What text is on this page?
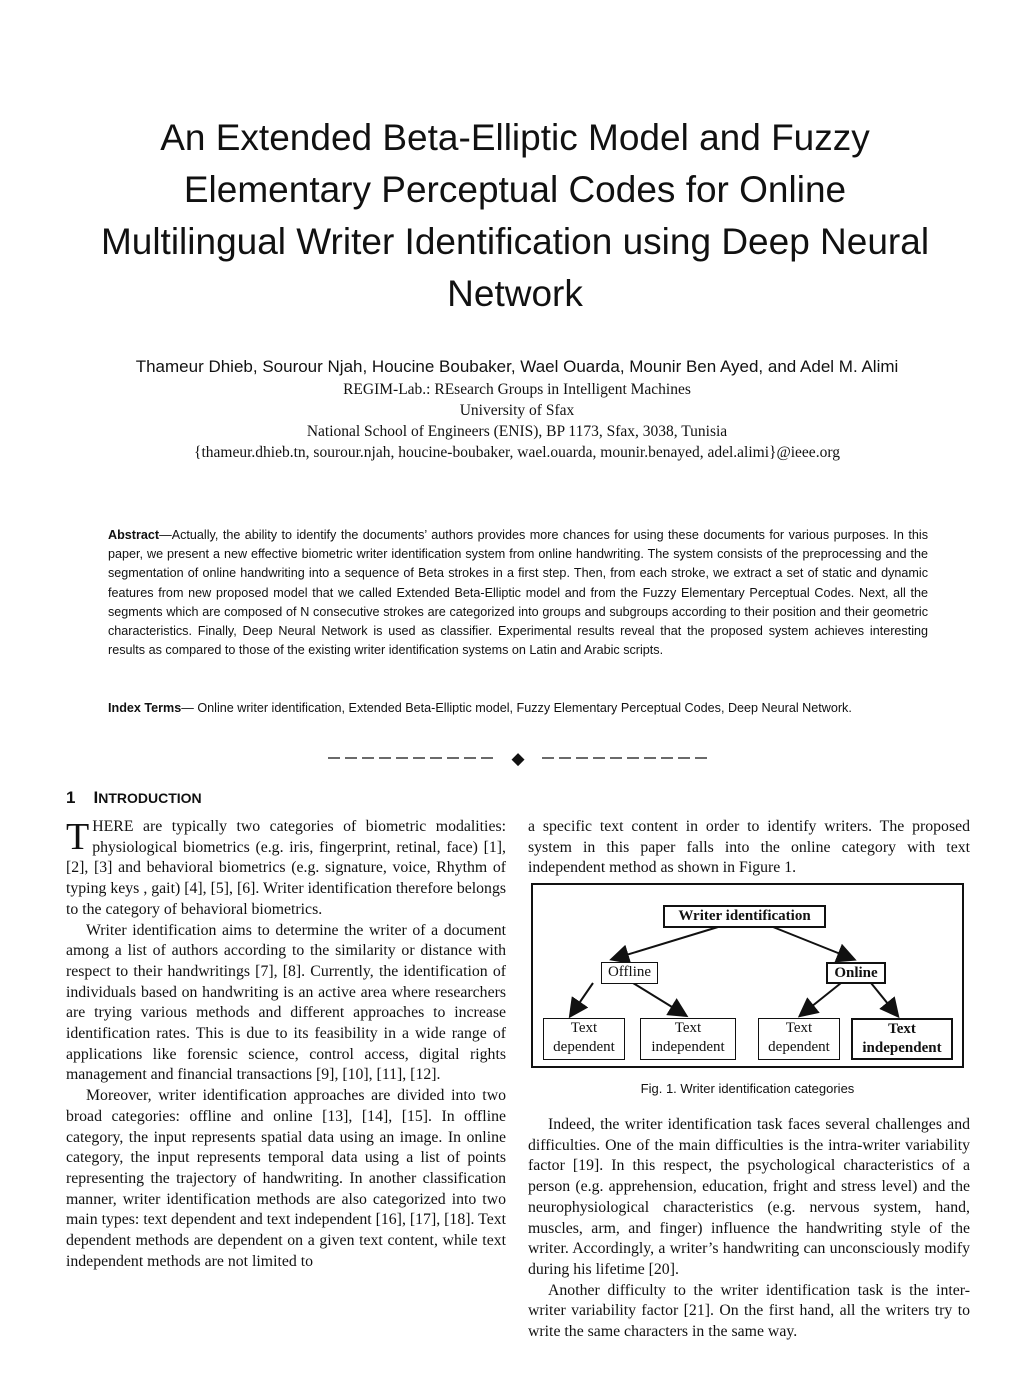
An Extended Beta-Elliptic Model and Fuzzy Elementary Perceptual Codes for Online Multilingual Writer Identification using Deep Neural Network
Thameur Dhieb, Sourour Njah, Houcine Boubaker, Wael Ouarda, Mounir Ben Ayed, and Adel M. Alimi
REGIM-Lab.: REsearch Groups in Intelligent Machines
University of Sfax
National School of Engineers (ENIS), BP 1173, Sfax, 3038, Tunisia
{thameur.dhieb.tn, sourour.njah, houcine-boubaker, wael.ouarda, mounir.benayed, adel.alimi}@ieee.org

Abstract—Actually, the ability to identify the documents’ authors provides more chances for using these documents for various purposes. In this paper, we present a new effective biometric writer identification system from online handwriting. The system consists of the preprocessing and the segmentation of online handwriting into a sequence of Beta strokes in a first step. Then, from each stroke, we extract a set of static and dynamic features from new proposed model that we called Extended Beta-Elliptic model and from the Fuzzy Elementary Perceptual Codes. Next, all the segments which are composed of N consecutive strokes are categorized into groups and subgroups according to their position and their geometric characteristics. Finally, Deep Neural Network is used as classifier. Experimental results reveal that the proposed system achieves interesting results as compared to those of the existing writer identification systems on Latin and Arabic scripts.

Index Terms— Online writer identification, Extended Beta-Elliptic model, Fuzzy Elementary Perceptual Codes, Deep Neural Network.

◆
1 INTRODUCTION

THERE are typically two categories of biometric modalities: physiological biometrics (e.g. iris, fingerprint, retinal, face) [1], [2], [3] and behavioral biometrics (e.g. signature, voice, Rhythm of typing keys , gait) [4], [5], [6]. Writer identification therefore belongs to the category of behavioral biometrics.

Writer identification aims to determine the writer of a document among a list of authors according to the similarity or distance with respect to their handwritings [7], [8]. Currently, the identification of individuals based on handwriting is an active area where researchers are trying various methods and different approaches to increase identification rates. This is due to its feasibility in a wide range of applications like forensic science, control access, digital rights management and financial transactions [9], [10], [11], [12].

Moreover, writer identification approaches are divided into two broad categories: offline and online [13], [14], [15]. In offline category, the input represents spatial data using an image. In online category, the input represents temporal data using a list of points representing the trajectory of handwriting. In another classification manner, writer identification methods are also categorized into two main types: text dependent and text independent [16], [17], [18]. Text dependent methods are dependent on a given text content, while text independent methods are not limited to

a specific text content in order to identify writers. The proposed system in this paper falls into the online category with text independent method as shown in Figure 1.

Writer identification
Offline	Online
Text
dependent
Text
independent
Text
dependent
Text
independent
Fig. 1. Writer identification categories

Indeed, the writer identification task faces several challenges and difficulties. One of the main difficulties is the intra-writer variability factor [19]. In this respect, the psychological characteristics of a person (e.g. apprehension, education, fright and stress level) and the neurophysiological characteristics (e.g. nervous system, hand, muscles, arm, and finger) influence the handwriting style of the writer. Accordingly, a writer’s handwriting can unconsciously modify during his lifetime [20].

Another difficulty to the writer identification task is the inter-writer variability factor [21]. On the first hand, all the writers try to write the same characters in the same way.
